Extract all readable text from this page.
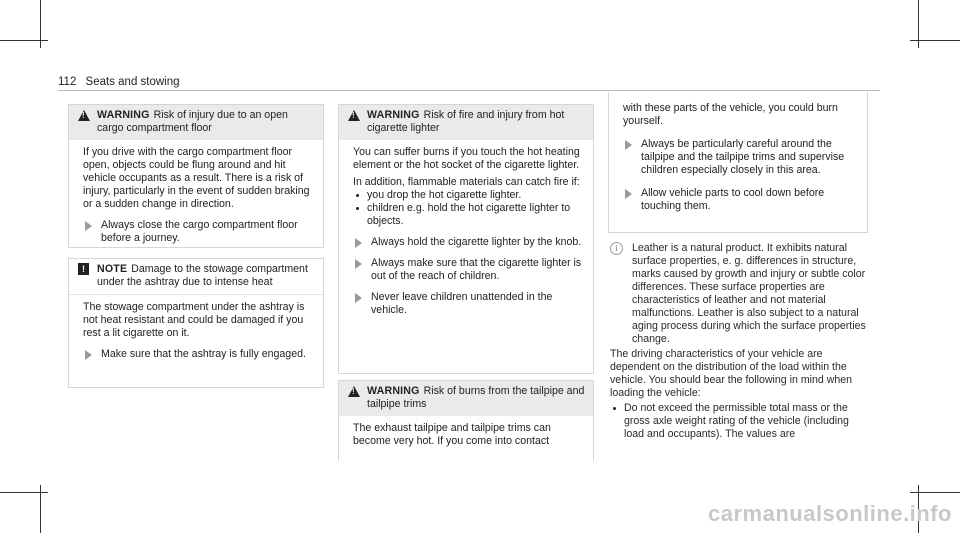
112 Seats and stowing
!
WARNING Risk of injury due to an open cargo compartment floor

If you drive with the cargo compartment floor open, objects could be flung around and hit vehicle occupants as a result. There is a risk of injury, particularly in the event of sudden braking or a sudden change in direction.

Always close the cargo compartment floor before a journey.
!	NOTE Damage to the stowage compartment under the ashtray due to intense heat

The stowage compartment under the ashtray is not heat resistant and could be damaged if you rest a lit cigarette on it.

Make sure that the ashtray is fully engaged.
!
WARNING Risk of fire and injury from hot cigarette lighter

You can suffer burns if you touch the hot heating element or the hot socket of the cigarette lighter.

In addition, flammable materials can catch fire if:

you drop the hot cigarette lighter.
children e.g. hold the hot cigarette lighter to objects.
Always hold the cigarette lighter by the knob.
Always make sure that the cigarette lighter is out of the reach of children.
Never leave children unattended in the vehicle.
!
WARNING Risk of burns from the tailpipe and tailpipe trims

The exhaust tailpipe and tailpipe trims can become very hot. If you come into contact

with these parts of the vehicle, you could burn yourself.

Always be particularly careful around the tailpipe and the tailpipe trims and supervise children especially closely in this area.
Allow vehicle parts to cool down before touching them.
i	Leather is a natural product. It exhibits natural surface properties, e. g. differences in structure, marks caused by growth and injury or subtle color differences. These surface properties are characteristics of leather and not material malfunctions. Leather is also subject to a natural aging process during which the surface properties change.

The driving characteristics of your vehicle are dependent on the distribution of the load within the vehicle. You should bear the following in mind when loading the vehicle:

Do not exceed the permissible total mass or the gross axle weight rating of the vehicle (including load and occupants). The values are
carmanualsonline.info
